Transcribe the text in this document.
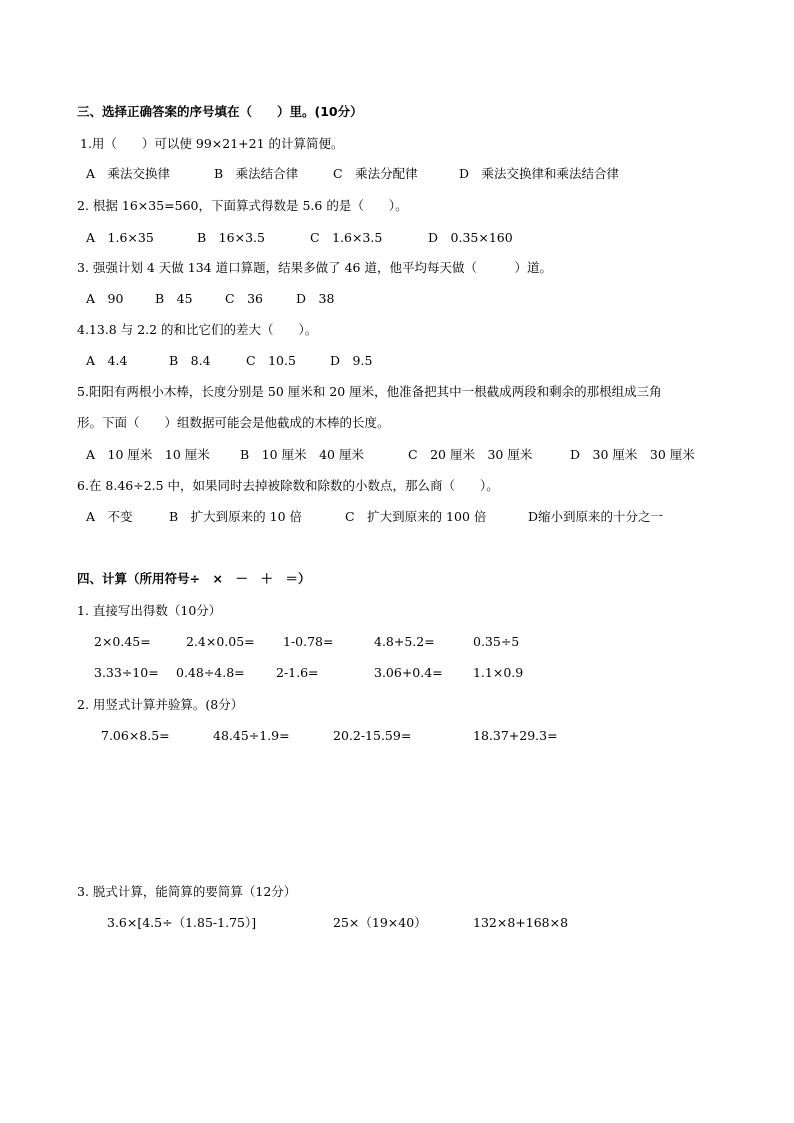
三、选择正确答案的序号填在（　　）里。(10分）
1.用（　　）可以使 99×21+21 的计算简便。
A　乘法交换律	B　乘法结合律	C　乘法分配律	D　乘法交换律和乘法结合律
2. 根据 16×35=560，下面算式得数是 5.6 的是（　　）。
A　1.6×35	B　16×3.5	C　1.6×3.5	D　0.35×160
3. 强强计划 4 天做 134 道口算题，结果多做了 46 道，他平均每天做（　　　）道。
A　90	B　45	C　36	D　38
4.13.8 与 2.2 的和比它们的差大（　　）。
A　4.4	B　8.4	C　10.5	D　9.5
5.阳阳有两根小木棒，长度分别是 50 厘米和 20 厘米，他准备把其中一根截成两段和剩余的那根组成三角
形。下面（　　）组数据可能会是他截成的木棒的长度。
A　10 厘米　10 厘米 B　10 厘米　40 厘米	C　20 厘米　30 厘米	D　30 厘米　30 厘米
6.在 8.46÷2.5 中，如果同时去掉被除数和除数的小数点，那么商（　　）。
A　不变	B　扩大到原来的 10 倍	C　扩大到原来的 100 倍	D缩小到原来的十分之一
四、计算（所用符号÷　×　－　＋　＝）
1. 直接写出得数（10分）
2×0.45=	2.4×0.05= 1-0.78=	4.8+5.2=	0.35÷5
3.33÷10= 0.48÷4.8=	2-1.6=	3.06+0.4= 1.1×0.9
2. 用竖式计算并验算。(8分）
7.06×8.5=	48.45÷1.9=	20.2-15.59=	18.37+29.3=
3. 脱式计算，能简算的要简算（12分）
3.6×[4.5÷（1.85-1.75）]	25×（19×40）	132×8+168×8
